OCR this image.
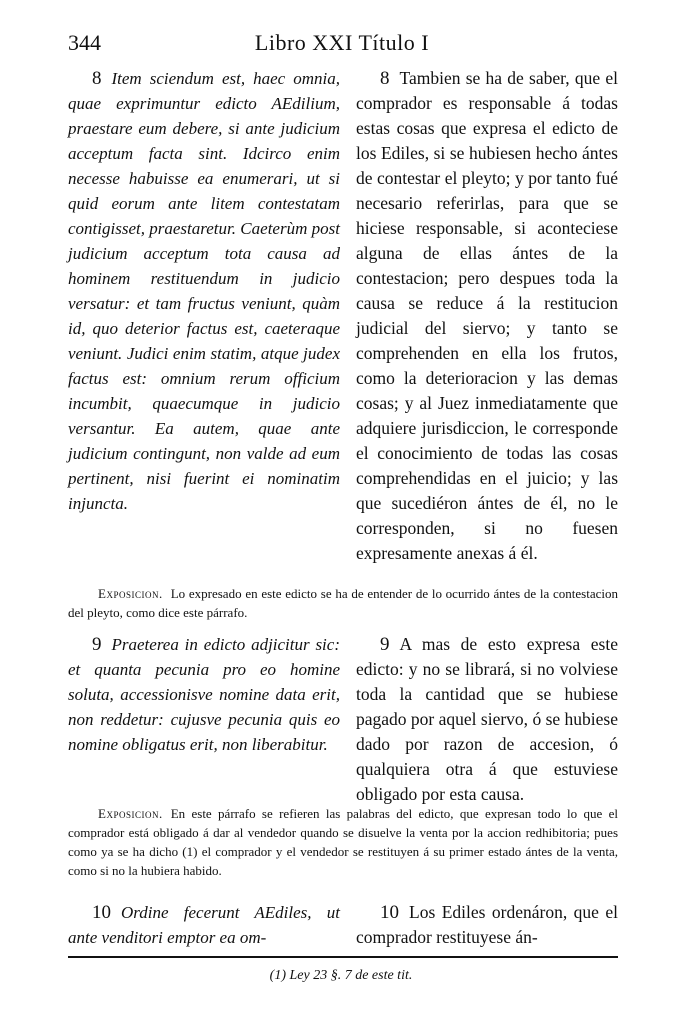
344	Libro XXI Título I

8 Item sciendum est, haec omnia, quae exprimuntur edicto AEdilium, praestare eum debere, si ante judicium acceptum facta sint. Idcirco enim necesse habuisse ea enumerari, ut si quid eorum ante litem contestatam contigisset, praestaretur. Caeterùm post judicium acceptum tota causa ad hominem restituendum in judicio versatur: et tam fructus veniunt, quàm id, quo deterior factus est, caeteraque veniunt. Judici enim statim, atque judex factus est: omnium rerum officium incumbit, quaecumque in judicio versantur. Ea autem, quae ante judicium contingunt, non valde ad eum pertinent, nisi fuerint ei nominatim injuncta.

8 Tambien se ha de saber, que el comprador es responsable á todas estas cosas que expresa el edicto de los Ediles, si se hubiesen hecho ántes de contestar el pleyto; y por tanto fué necesario referirlas, para que se hiciese responsable, si aconteciese alguna de ellas ántes de la contestacion; pero despues toda la causa se reduce á la restitucion judicial del siervo; y tanto se comprehenden en ella los frutos, como la deterioracion y las demas cosas; y al Juez inmediatamente que adquiere jurisdiccion, le corresponde el conocimiento de todas las cosas comprehendidas en el juicio; y las que sucediéron ántes de él, no le corresponden, si no fuesen expresamente anexas á él.

Exposicion. Lo expresado en este edicto se ha de entender de lo ocurrido ántes de la contestacion del pleyto, como dice este párrafo.

9 Praeterea in edicto adjicitur sic: et quanta pecunia pro eo homine soluta, accessionisve nomine data erit, non reddetur: cujusve pecunia quis eo nomine obligatus erit, non liberabitur.

9 A mas de esto expresa este edicto: y no se librará, si no volviese toda la cantidad que se hubiese pagado por aquel siervo, ó se hubiese dado por razon de accesion, ó qualquiera otra á que estuviese obligado por esta causa.

Exposicion. En este párrafo se refieren las palabras del edicto, que expresan todo lo que el comprador está obligado á dar al vendedor quando se disuelve la venta por la accion redhibitoria; pues como ya se ha dicho (1) el comprador y el vendedor se restituyen á su primer estado ántes de la venta, como si no la hubiera habido.

10 Ordine fecerunt AEdiles, ut ante venditori emptor ea om-

10 Los Ediles ordenáron, que el comprador restituyese án-

(1) Ley 23 §. 7 de este tit.
